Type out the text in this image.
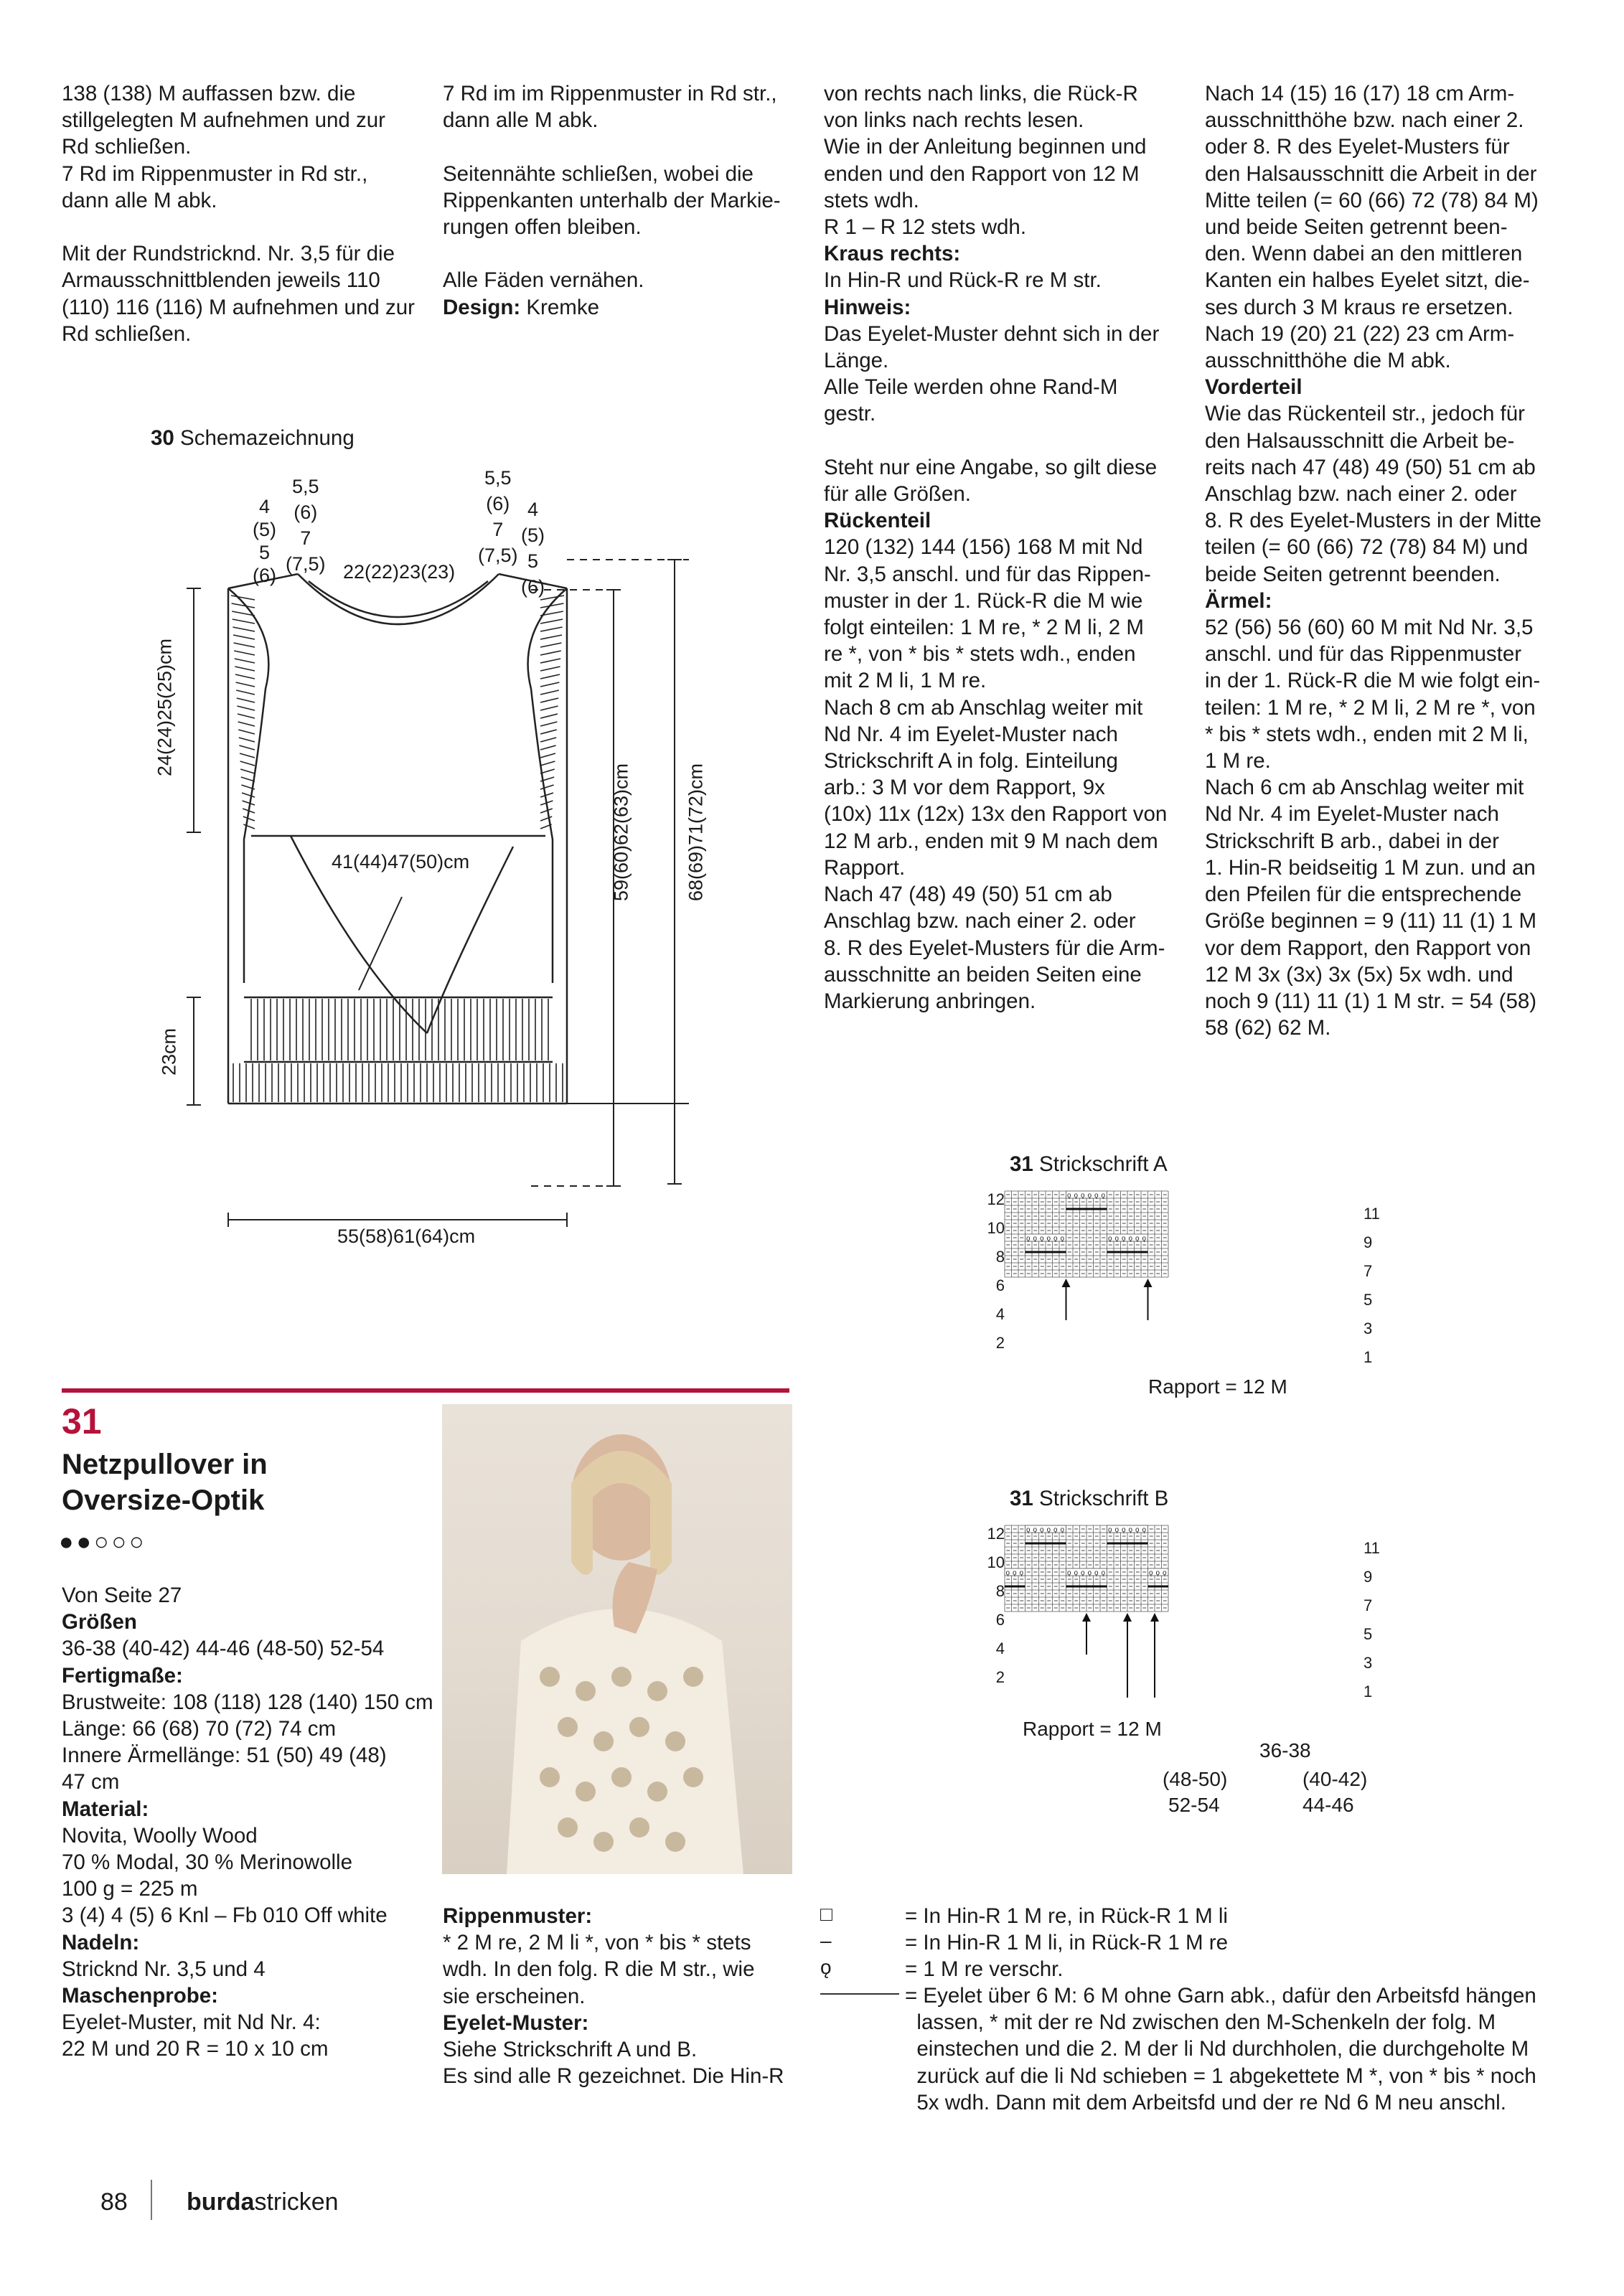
138 (138) M auffassen bzw. die
stillgelegten M aufnehmen und zur
Rd schließen.
7 Rd im Rippenmuster in Rd str.,
dann alle M abk.

Mit der Rundstricknd. Nr. 3,5 für die
Armausschnittblenden jeweils 110
(110) 116 (116) M aufnehmen und zur
Rd schließen.

7 Rd im im Rippenmuster in Rd str.,
dann alle M abk.

Seitennähte schließen, wobei die
Rippenkanten unterhalb der Markie-
rungen offen bleiben.

Alle Fäden vernähen.

Design: Kremke

von rechts nach links, die Rück-R
von links nach rechts lesen.
Wie in der Anleitung beginnen und
enden und den Rapport von 12 M
stets wdh.
R 1 – R 12 stets wdh.

Kraus rechts:

In Hin-R und Rück-R re M str.

Hinweis:

Das Eyelet-Muster dehnt sich in der
Länge.
Alle Teile werden ohne Rand-M
gestr.

Steht nur eine Angabe, so gilt diese
für alle Größen.

Rückenteil

120 (132) 144 (156) 168 M mit Nd
Nr. 3,5 anschl. und für das Rippen-
muster in der 1. Rück-R die M wie
folgt einteilen: 1 M re, * 2 M li, 2 M
re *, von * bis * stets wdh., enden
mit 2 M li, 1 M re.
Nach 8 cm ab Anschlag weiter mit
Nd Nr. 4 im Eyelet-Muster nach
Strickschrift A in folg. Einteilung
arb.: 3 M vor dem Rapport, 9x
(10x) 11x (12x) 13x den Rapport von
12 M arb., enden mit 9 M nach dem
Rapport.
Nach 47 (48) 49 (50) 51 cm ab
Anschlag bzw. nach einer 2. oder
8. R des Eyelet-Musters für die Arm-
ausschnitte an beiden Seiten eine
Markierung anbringen.

Nach 14 (15) 16 (17) 18 cm Arm-
ausschnitthöhe bzw. nach einer 2.
oder 8. R des Eyelet-Musters für
den Halsausschnitt die Arbeit in der
Mitte teilen (= 60 (66) 72 (78) 84 M)
und beide Seiten getrennt been-
den. Wenn dabei an den mittleren
Kanten ein halbes Eyelet sitzt, die-
ses durch 3 M kraus re ersetzen.
Nach 19 (20) 21 (22) 23 cm Arm-
ausschnitthöhe die M abk.

Vorderteil

Wie das Rückenteil str., jedoch für
den Halsausschnitt die Arbeit be-
reits nach 47 (48) 49 (50) 51 cm ab
Anschlag bzw. nach einer 2. oder
8. R des Eyelet-Musters in der Mitte
teilen (= 60 (66) 72 (78) 84 M) und
beide Seiten getrennt beenden.

Ärmel:

52 (56) 56 (60) 60 M mit Nd Nr. 3,5
anschl. und für das Rippenmuster
in der 1. Rück-R die M wie folgt ein-
teilen: 1 M re, * 2 M li, 2 M re *, von
* bis * stets wdh., enden mit 2 M li,
1 M re.
Nach 6 cm ab Anschlag weiter mit
Nd Nr. 4 im Eyelet-Muster nach
Strickschrift B arb., dabei in der
1. Hin-R beidseitig 1 M zun. und an
den Pfeilen für die entsprechende
Größe beginnen = 9 (11) 11 (1) 1 M
vor dem Rapport, den Rapport von
12 M 3x (3x) 3x (5x) 5x wdh. und
noch 9 (11) 11 (1) 1 M str. = 54 (58)
58 (62) 62 M.

30 Schemazeichnung
4
(5)
5
(6)
5,5
(6)
7
(7,5) 22(22)23(23)
5,5
(6)
7
(7,5)
4
(5)
5
(6)
24(24)25(25)cm
41(44)47(50)cm
23cm
59(60)62(63)cm	68(69)71(72)cm
55(58)61(64)cm
31 Strickschrift A
ǫ ǫ ǫ ǫ ǫ ǫ
ǫ ǫ ǫ ǫ ǫ ǫ	ǫ ǫ ǫ ǫ ǫ ǫ
12
10
8
6
4
2
11
9
7
5
3
1
Rapport = 12 M
31 Strickschrift B
ǫ ǫ ǫ ǫ ǫ ǫ	ǫ ǫ ǫ ǫ ǫ ǫ
ǫ ǫ ǫ	ǫ ǫ ǫ ǫ ǫ ǫ	ǫ ǫ ǫ
12
10
8
6
4
2
11
9
7
5
3
1
Rapport = 12 M
36-38
(48-50)
52-54
(40-42)
44-46
31
Netzpullover in
Oversize-Optik
●●○○○

Von Seite 27

Größen

36-38 (40-42) 44-46 (48-50) 52-54

Fertigmaße:

Brustweite: 108 (118) 128 (140) 150 cm
Länge: 66 (68) 70 (72) 74 cm
Innere Ärmellänge: 51 (50) 49 (48)
47 cm

Material:

Novita, Woolly Wood
70 % Modal, 30 % Merinowolle
100 g = 225 m
3 (4) 4 (5) 6 Knl – Fb 010 Off white

Nadeln:

Stricknd Nr. 3,5 und 4

Maschenprobe:

Eyelet-Muster, mit Nd Nr. 4:
22 M und 20 R = 10 x 10 cm

Rippenmuster:

* 2 M re, 2 M li *, von * bis * stets
wdh. In den folg. R die M str., wie
sie erscheinen.

Eyelet-Muster:

Siehe Strickschrift A und B.
Es sind alle R gezeichnet. Die Hin-R

□	= In Hin-R 1 M re, in Rück-R 1 M li
–	= In Hin-R 1 M li, in Rück-R 1 M re
ǫ	= 1 M re verschr.
= Eyelet über 6 M: 6 M ohne Garn abk., dafür den Arbeitsfd hängen
lassen, * mit der re Nd zwischen den M-Schenkeln der folg. M
einstechen und die 2. M der li Nd durchholen, die durchgeholte M
zurück auf die li Nd schieben = 1 abgekettete M *, von * bis * noch
5x wdh. Dann mit dem Arbeitsfd und der re Nd 6 M neu anschl.
88 burdastricken
